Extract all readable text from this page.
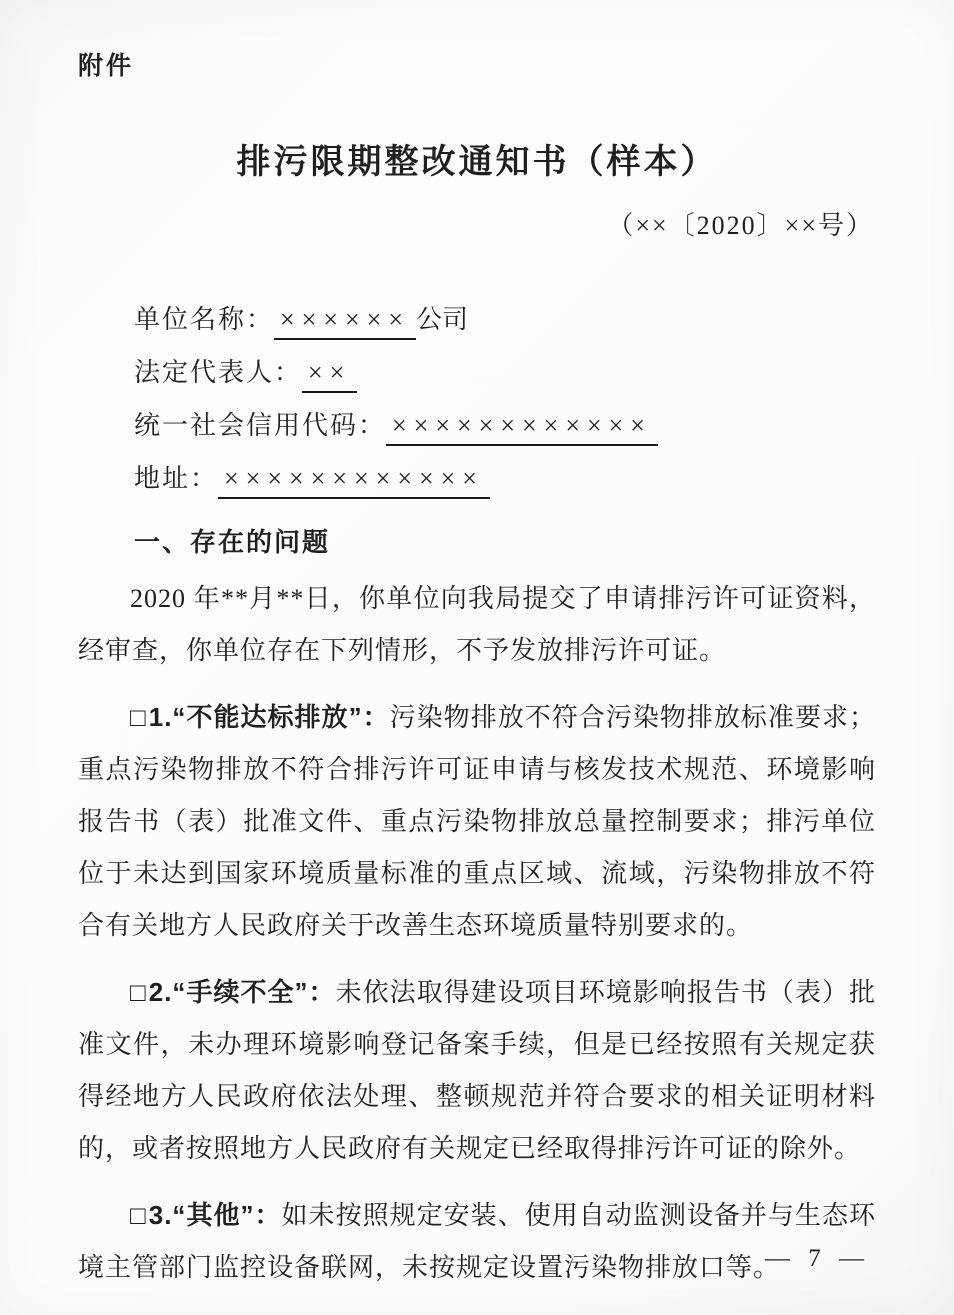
附件
排污限期整改通知书（样本）
（××〔2020〕××号）
单位名称： ×××××× 公司
法定代表人： ××
统一社会信用代码： ××××××××××××
地址： ××××××××××××
一、存在的问题

2020 年**月**日，你单位向我局提交了申请排污许可证资料，经审查，你单位存在下列情形，不予发放排污许可证。

□1.“不能达标排放”：污染物排放不符合污染物排放标准要求；重点污染物排放不符合排污许可证申请与核发技术规范、环境影响报告书（表）批准文件、重点污染物排放总量控制要求；排污单位位于未达到国家环境质量标准的重点区域、流域，污染物排放不符合有关地方人民政府关于改善生态环境质量特别要求的。

□2.“手续不全”：未依法取得建设项目环境影响报告书（表）批准文件，未办理环境影响登记备案手续，但是已经按照有关规定获得经地方人民政府依法处理、整顿规范并符合要求的相关证明材料的，或者按照地方人民政府有关规定已经取得排污许可证的除外。

□3.“其他”：如未按照规定安装、使用自动监测设备并与生态环境主管部门监控设备联网，未按规定设置污染物排放口等。

— 7 —
